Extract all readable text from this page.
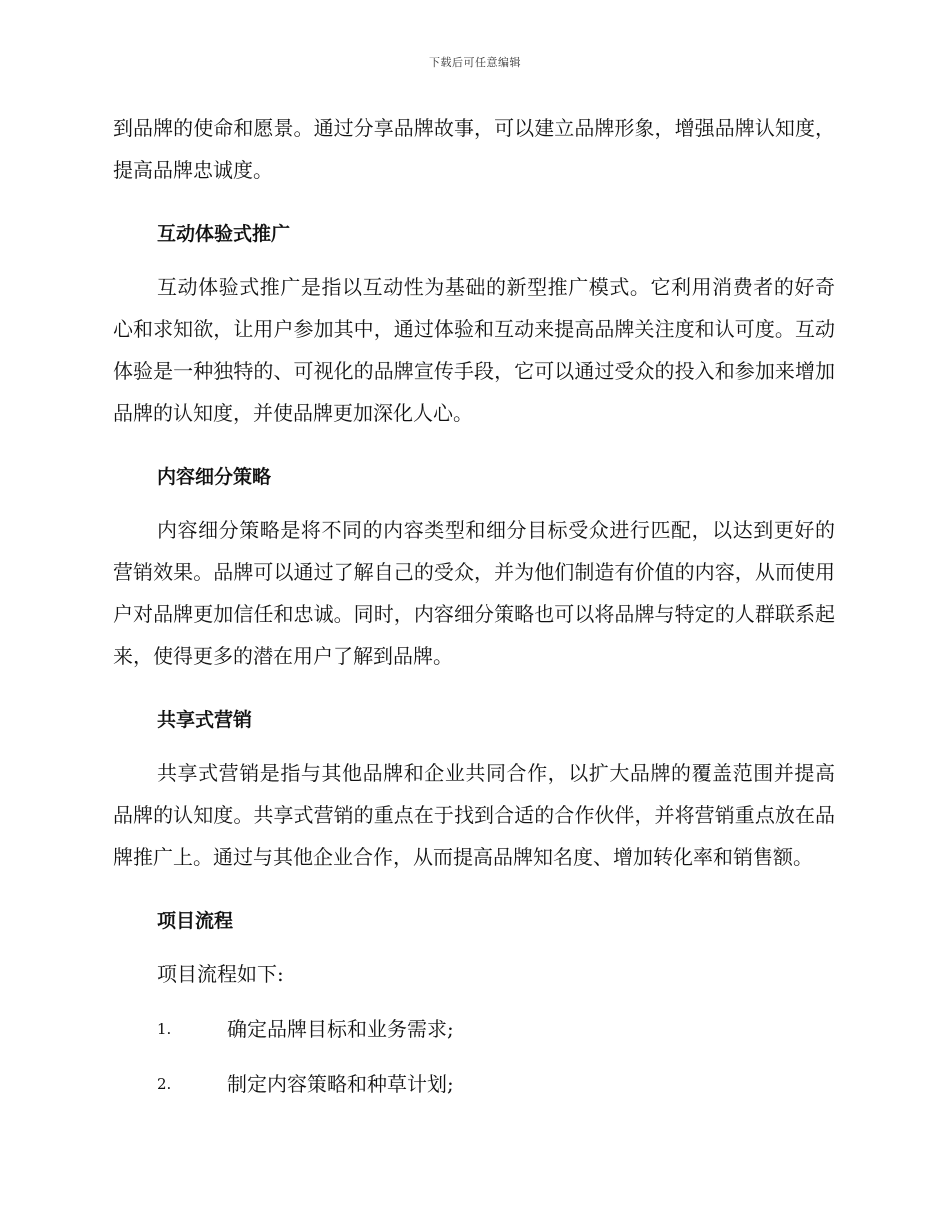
下载后可任意编辑

到品牌的使命和愿景。通过分享品牌故事，可以建立品牌形象，增强品牌认知度，提高品牌忠诚度。

互动体验式推广

互动体验式推广是指以互动性为基础的新型推广模式。它利用消费者的好奇心和求知欲，让用户参加其中，通过体验和互动来提高品牌关注度和认可度。互动体验是一种独特的、可视化的品牌宣传手段，它可以通过受众的投入和参加来增加品牌的认知度，并使品牌更加深化人心。

内容细分策略

内容细分策略是将不同的内容类型和细分目标受众进行匹配，以达到更好的营销效果。品牌可以通过了解自己的受众，并为他们制造有价值的内容，从而使用户对品牌更加信任和忠诚。同时，内容细分策略也可以将品牌与特定的人群联系起来，使得更多的潜在用户了解到品牌。

共享式营销

共享式营销是指与其他品牌和企业共同合作，以扩大品牌的覆盖范围并提高品牌的认知度。共享式营销的重点在于找到合适的合作伙伴，并将营销重点放在品牌推广上。通过与其他企业合作，从而提高品牌知名度、增加转化率和销售额。

项目流程

项目流程如下:

1.	确定品牌目标和业务需求;
2.	制定内容策略和种草计划;
